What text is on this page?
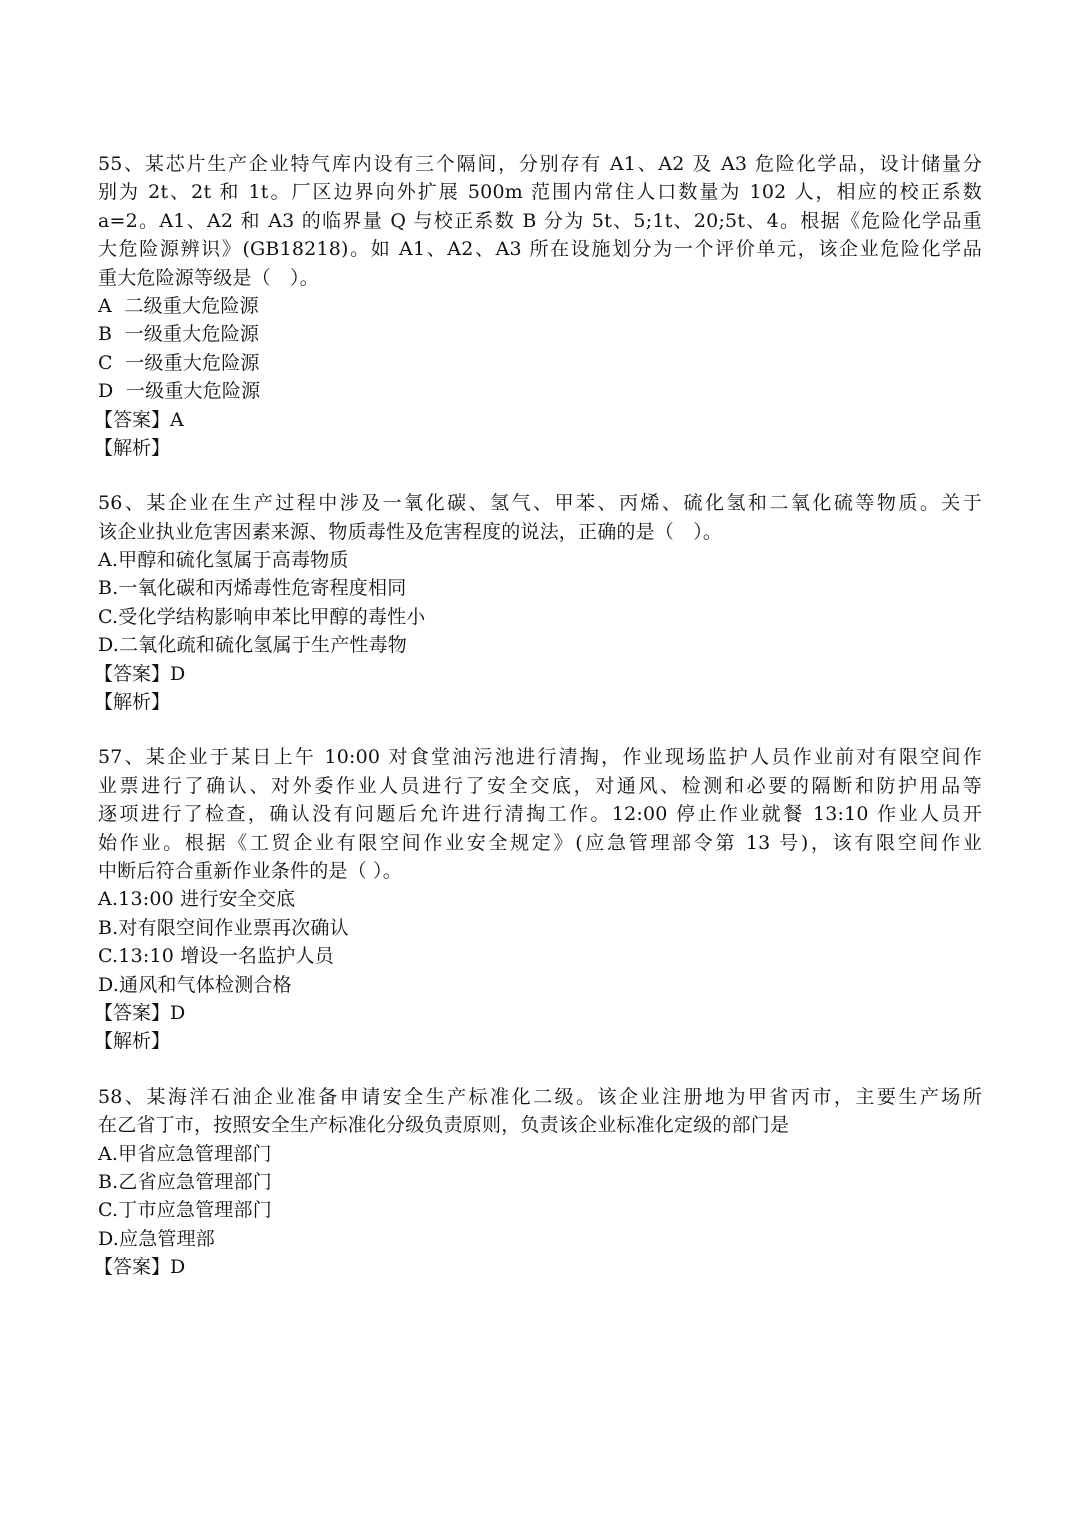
55、某芯片生产企业特气库内设有三个隔间，分别存有 A1、A2 及 A3 危险化学品，设计储量分
别为 2t、2t 和 1t。厂区边界向外扩展 500m 范围内常住人口数量为 102 人，相应的校正系数
a=2。A1、A2 和 A3 的临界量 Q 与校正系数 B 分为 5t、5;1t、20;5t、4。根据《危险化学品重
大危险源辨识》(GB18218)。如 A1、A2、A3 所在设施划分为一个评价单元，该企业危险化学品
重大危险源等级是（　）。
A  二级重大危险源
B  一级重大危险源
C  一级重大危险源
D  一级重大危险源
【答案】A
【解析】
56、某企业在生产过程中涉及一氧化碳、氢气、甲苯、丙烯、硫化氢和二氧化硫等物质。关于
该企业执业危害因素来源、物质毒性及危害程度的说法，正确的是（　）。
A.甲醇和硫化氢属于高毒物质
B.一氧化碳和丙烯毒性危寄程度相同
C.受化学结构影响申苯比甲醇的毒性小
D.二氧化疏和硫化氢属于生产性毒物
【答案】D
【解析】
57、某企业于某日上午 10:00 对食堂油污池进行清掏，作业现场监护人员作业前对有限空间作
业票进行了确认、对外委作业人员进行了安全交底，对通风、检测和必要的隔断和防护用品等
逐项进行了检查，确认没有问题后允许进行清掏工作。12:00 停止作业就餐 13:10 作业人员开
始作业。根据《工贸企业有限空间作业安全规定》(应急管理部令第 13 号)，该有限空间作业
中断后符合重新作业条件的是（ ）。
A.13:00 进行安全交底
B.对有限空间作业票再次确认
C.13:10 增设一名监护人员
D.通风和气体检测合格
【答案】D
【解析】
58、某海洋石油企业准备申请安全生产标准化二级。该企业注册地为甲省丙市，主要生产场所
在乙省丁市，按照安全生产标准化分级负责原则，负责该企业标准化定级的部门是
A.甲省应急管理部门
B.乙省应急管理部门
C.丁市应急管理部门
D.应急管理部
【答案】D
